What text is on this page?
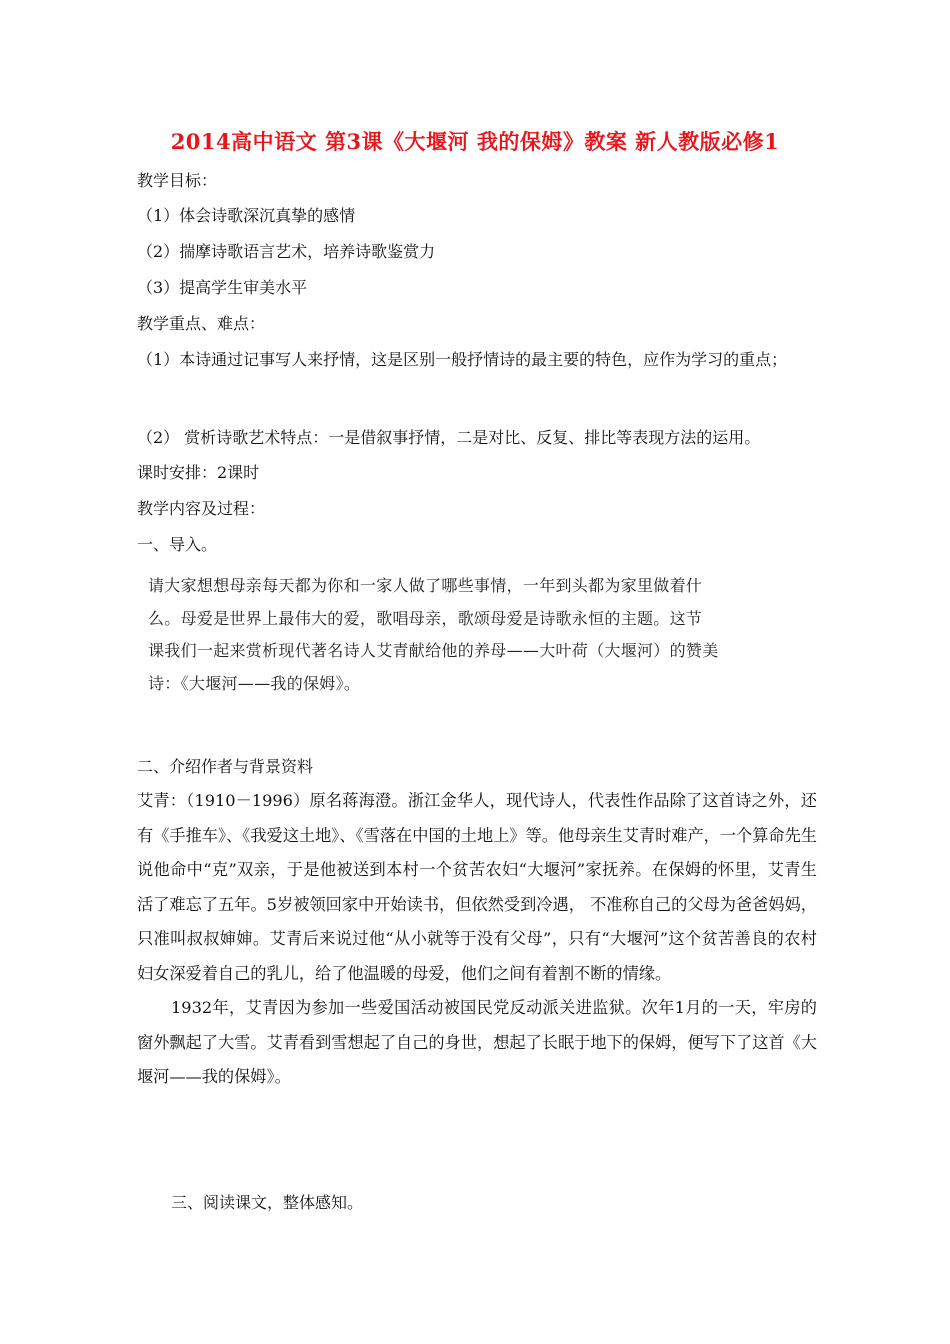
2014高中语文 第3课《大堰河 我的保姆》教案 新人教版必修1
教学目标：
（1）体会诗歌深沉真挚的感情
（2）揣摩诗歌语言艺术，培养诗歌鉴赏力
（3）提高学生审美水平
教学重点、难点：
（1）本诗通过记事写人来抒情，这是区别一般抒情诗的最主要的特色，应作为学习的重点；
（2） 赏析诗歌艺术特点：一是借叙事抒情，二是对比、反复、排比等表现方法的运用。
课时安排：2课时
教学内容及过程：
一、导入。
请大家想想母亲每天都为你和一家人做了哪些事情，一年到头都为家里做着什
么。母爱是世界上最伟大的爱，歌唱母亲，歌颂母爱是诗歌永恒的主题。这节
课我们一起来赏析现代著名诗人艾青献给他的养母——大叶荷（大堰河）的赞美
诗：《大堰河——我的保姆》。
二、介绍作者与背景资料

艾青：（1910－1996）原名蒋海澄。浙江金华人，现代诗人，代表性作品除了这首诗之外，还有《手推车》、《我爱这土地》、《雪落在中国的土地上》等。他母亲生艾青时难产，一个算命先生说他命中“克”双亲，于是他被送到本村一个贫苦农妇“大堰河”家抚养。在保姆的怀里，艾青生活了难忘了五年。5岁被领回家中开始读书，但依然受到冷遇， 不准称自己的父母为爸爸妈妈，只准叫叔叔婶婶。艾青后来说过他“从小就等于没有父母”，只有“大堰河”这个贫苦善良的农村妇女深爱着自己的乳儿，给了他温暖的母爱，他们之间有着割不断的情缘。

1932年，艾青因为参加一些爱国活动被国民党反动派关进监狱。次年1月的一天，牢房的窗外飘起了大雪。艾青看到雪想起了自己的身世，想起了长眠于地下的保姆，便写下了这首《大堰河——我的保姆》。

三、阅读课文，整体感知。
